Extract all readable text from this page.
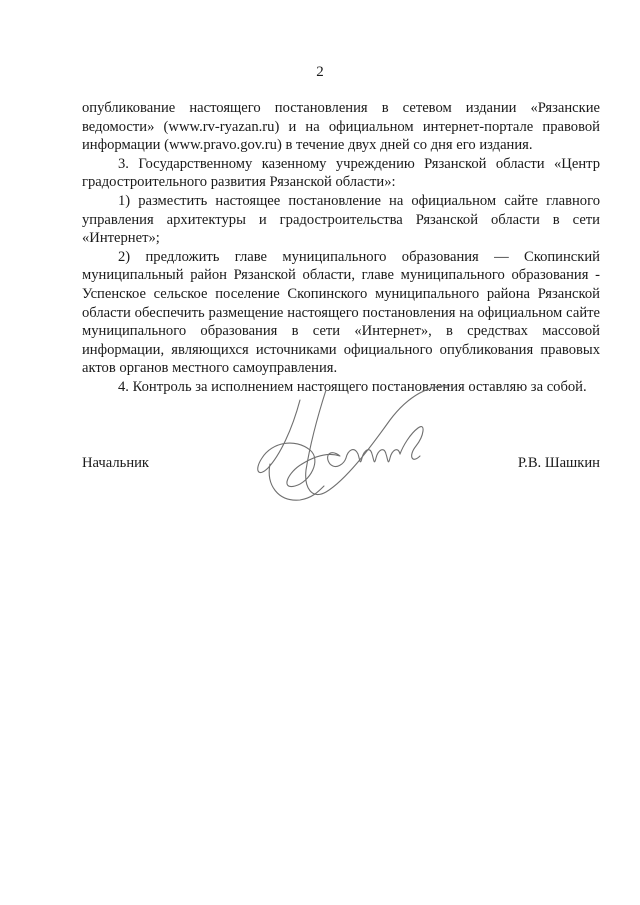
2

опубликование настоящего постановления в сетевом издании «Рязанские ведомости» (www.rv-ryazan.ru) и на официальном интернет-портале правовой информации (www.pravo.gov.ru) в течение двух дней со дня его издания.

3. Государственному казенному учреждению Рязанской области «Центр градостроительного развития Рязанской области»:

1) разместить настоящее постановление на официальном сайте главного управления архитектуры и градостроительства Рязанской области в сети «Интернет»;

2) предложить главе муниципального образования — Скопинский муниципальный район Рязанской области, главе муниципального образования - Успенское сельское поселение Скопинского муниципального района Рязанской области обеспечить размещение настоящего постановления на официальном сайте муниципального образования в сети «Интернет», в средствах массовой информации, являющихся источниками официального опубликования правовых актов органов местного самоуправления.

4. Контроль за исполнением настоящего постановления оставляю за собой.

Начальник	Р.В. Шашкин
